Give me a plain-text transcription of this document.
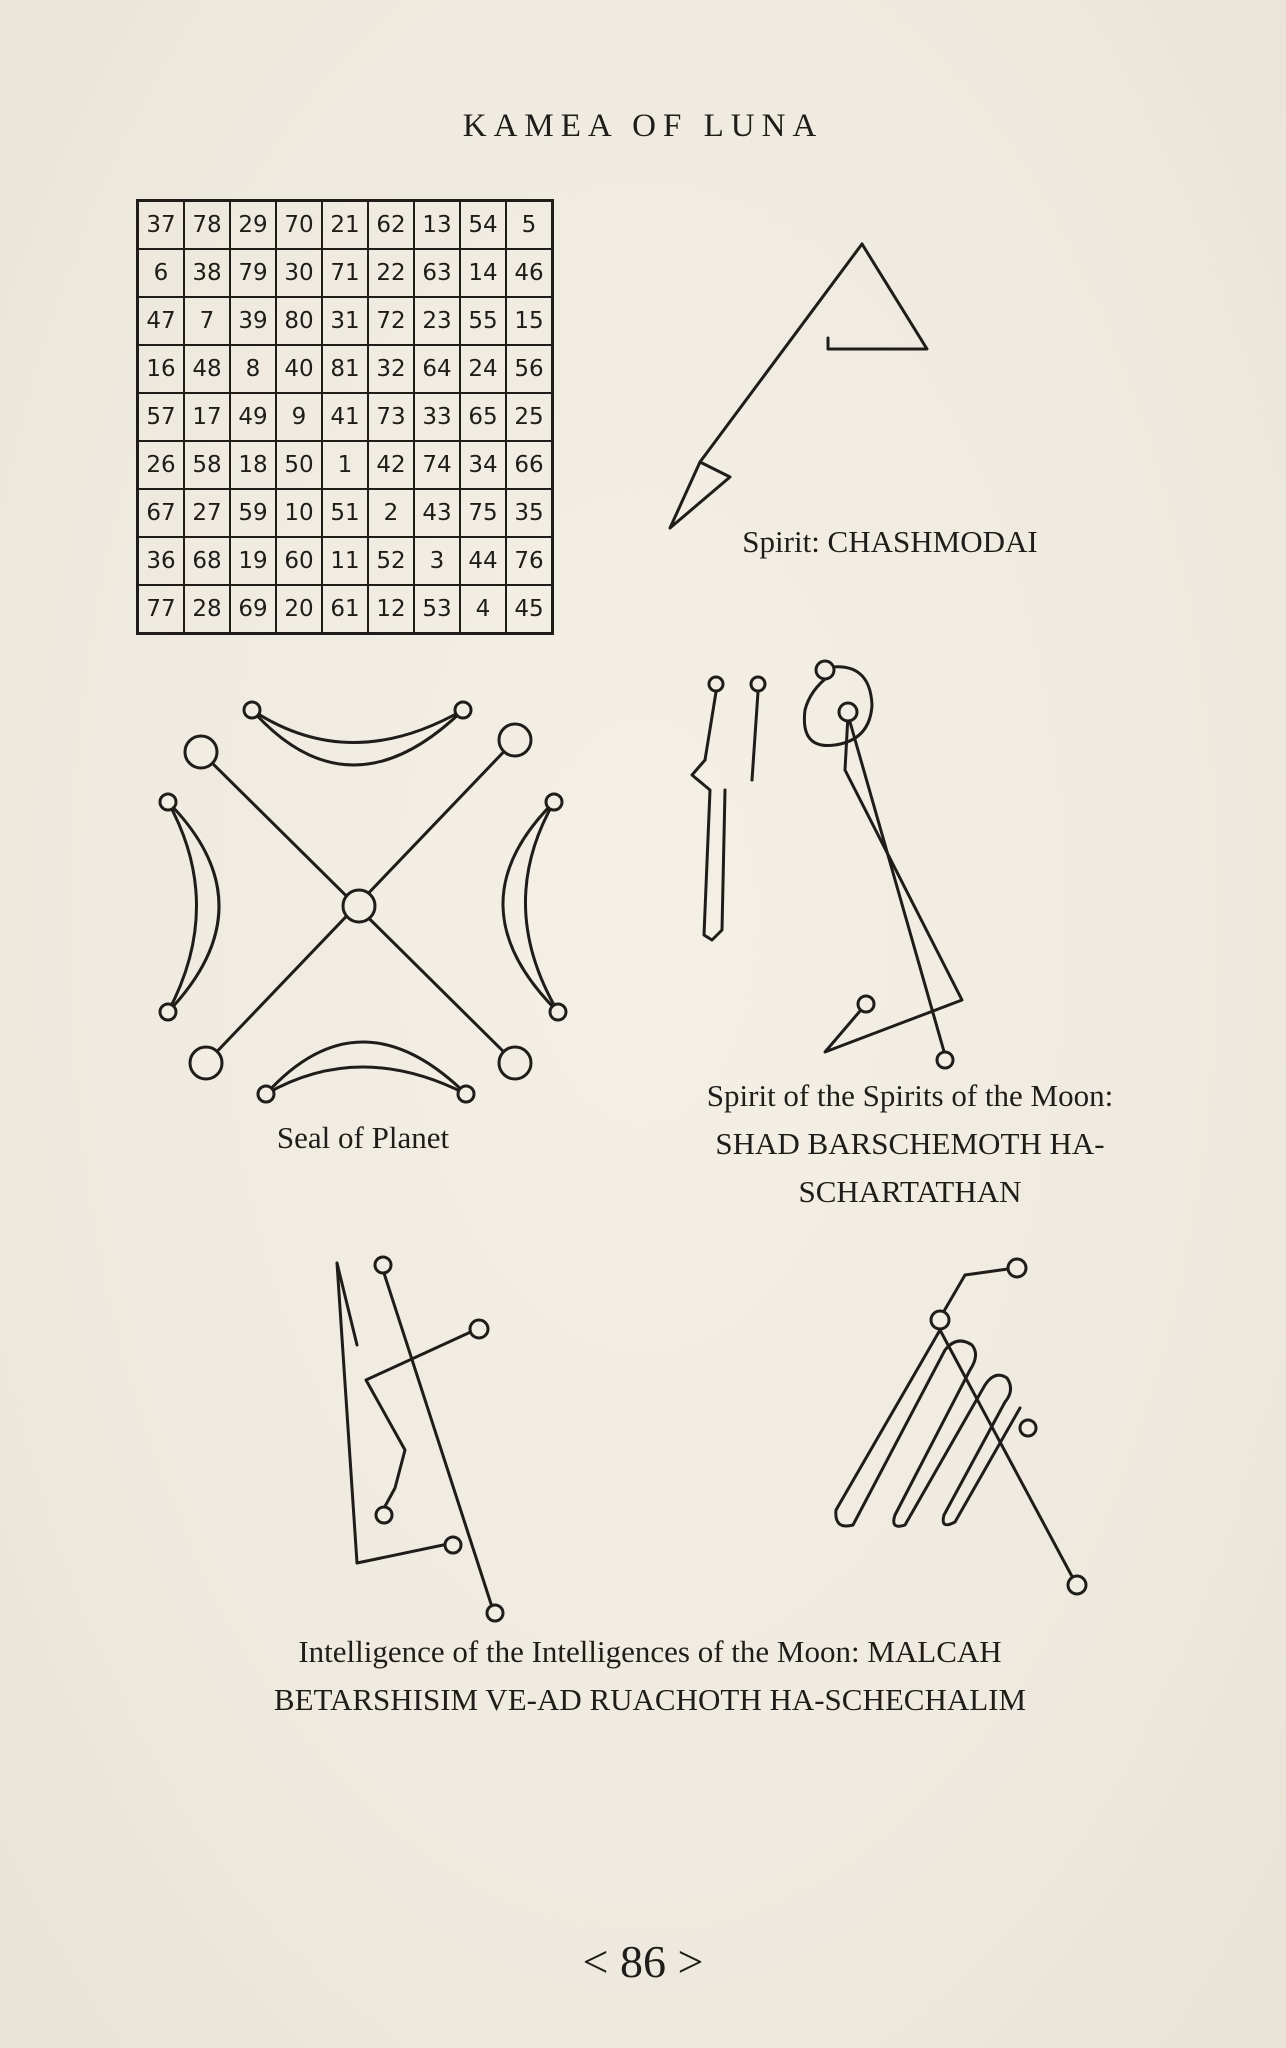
KAMEA OF LUNA
37	78	29	70	21	62	13	54	5
6	38	79	30	71	22	63	14	46
47	7	39	80	31	72	23	55	15
16	48	8	40	81	32	64	24	56
57	17	49	9	41	73	33	65	25
26	58	18	50	1	42	74	34	66
67	27	59	10	51	2	43	75	35
36	68	19	60	11	52	3	44	76
77	28	69	20	61	12	53	4	45
Spirit: CHASHMODAI
Seal of Planet
Spirit of the Spirits of the Moon:
SHAD BARSCHEMOTH HA-
SCHARTATHAN
Intelligence of the Intelligences of the Moon: MALCAH
BETARSHISIM VE-AD RUACHOTH HA-SCHECHALIM
< 86 >
